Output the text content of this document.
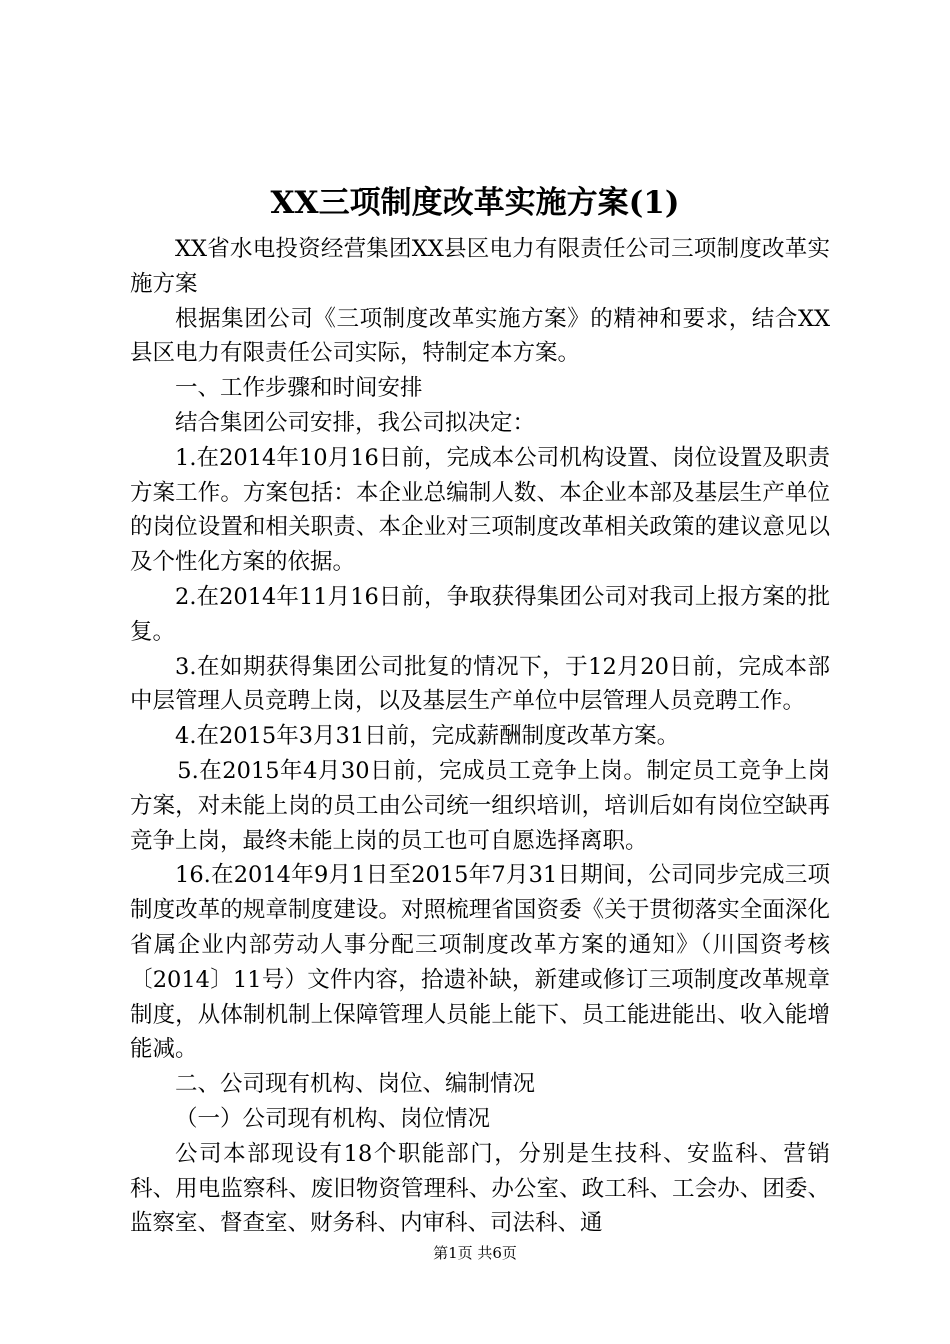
XX三项制度改革实施方案(1)

XX省水电投资经营集团XX县区电力有限责任公司三项制度改革实施方案

根据集团公司《三项制度改革实施方案》的精神和要求，结合XX县区电力有限责任公司实际，特制定本方案。

一、工作步骤和时间安排

结合集团公司安排，我公司拟决定：

1.在2014年10月16日前，完成本公司机构设置、岗位设置及职责方案工作。方案包括：本企业总编制人数、本企业本部及基层生产单位的岗位设置和相关职责、本企业对三项制度改革相关政策的建议意见以及个性化方案的依据。

2.在2014年11月16日前，争取获得集团公司对我司上报方案的批复。

3.在如期获得集团公司批复的情况下，于12月20日前，完成本部中层管理人员竞聘上岗，以及基层生产单位中层管理人员竞聘工作。

4.在2015年3月31日前，完成薪酬制度改革方案。

5.在2015年4月30日前，完成员工竞争上岗。制定员工竞争上岗方案，对未能上岗的员工由公司统一组织培训，培训后如有岗位空缺再竞争上岗，最终未能上岗的员工也可自愿选择离职。

16.在2014年9月1日至2015年7月31日期间，公司同步完成三项制度改革的规章制度建设。对照梳理省国资委《关于贯彻落实全面深化省属企业内部劳动人事分配三项制度改革方案的通知》（川国资考核〔2014〕11号）文件内容，拾遗补缺，新建或修订三项制度改革规章制度，从体制机制上保障管理人员能上能下、员工能进能出、收入能增能减。

二、公司现有机构、岗位、编制情况

（一）公司现有机构、岗位情况

公司本部现设有18个职能部门，分别是生技科、安监科、营销科、用电监察科、废旧物资管理科、办公室、政工科、工会办、团委、监察室、督查室、财务科、内审科、司法科、通

第1页 共6页
